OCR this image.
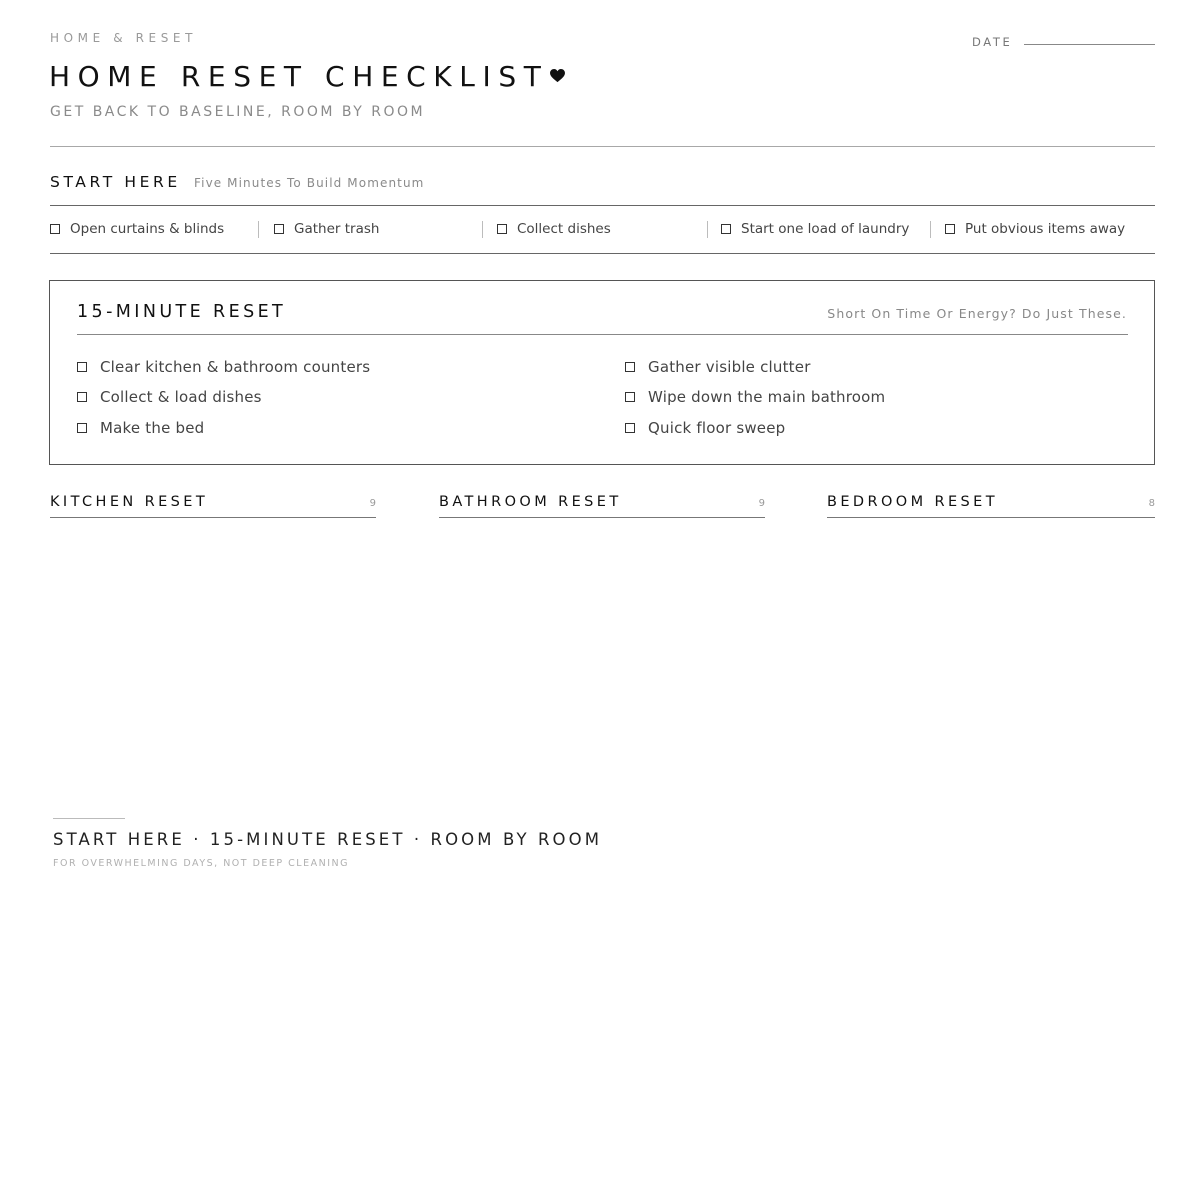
HOME & RESET
HOME RESET CHECKLIST
GET BACK TO BASELINE, ROOM BY ROOM
DATE
START HERE Five Minutes To Build Momentum
Open curtains & blinds	Gather trash	Collect dishes	Start one load of laundry	Put obvious items away
15-MINUTE RESET	Short On Time Or Energy? Do Just These.
Clear kitchen & bathroom counters
Collect & load dishes
Make the bed
Gather visible clutter
Wipe down the main bathroom
Quick floor sweep
KITCHEN RESET	9	BATHROOM RESET	9	BEDROOM RESET	8
START HERE · 15-MINUTE RESET · ROOM BY ROOM
FOR OVERWHELMING DAYS, NOT DEEP CLEANING
